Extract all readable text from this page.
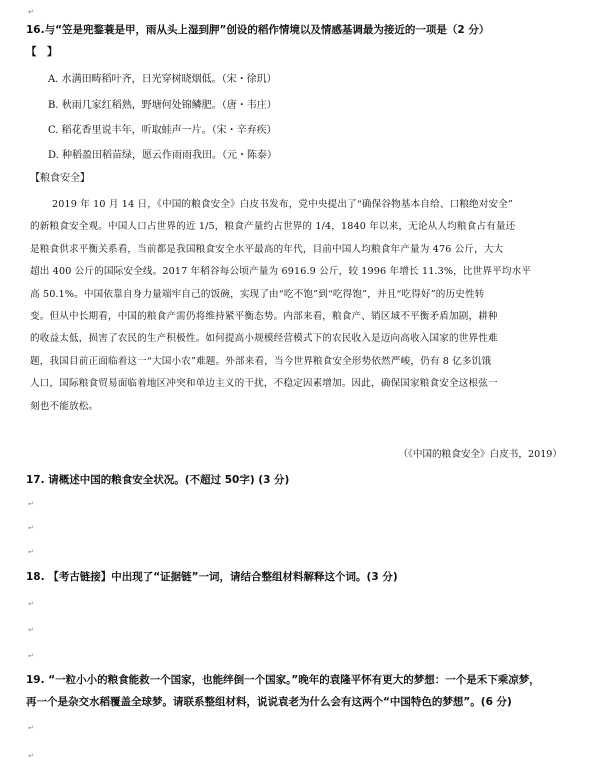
↵
16.与“笠是兜鍪蓑是甲，雨从头上湿到胛”创设的稻作情境以及情感基调最为接近的一项是（2 分）
【　】
A. 水满田畴稻叶齐，日光穿树晓烟低。（宋・徐玑）
B. 秋雨几家红稻熟，野塘何处锦鳞肥。（唐・韦庄）
C. 稻花香里说丰年，听取蛙声一片。（宋・辛弃疾）
D. 种稻盈田稻苗绿，愿云作雨雨我田。（元・陈泰）
【粮食安全】
2019 年 10 月 14 日，《中国的粮食安全》白皮书发布，党中央提出了“确保谷物基本自给、口粮绝对安全”
的新粮食安全观。中国人口占世界的近 1/5，粮食产量约占世界的 1/4，1840 年以来，无论从人均粮食占有量还
是粮食供求平衡关系看，当前都是我国粮食安全水平最高的年代，目前中国人均粮食年产量为 476 公斤，大大
超出 400 公斤的国际安全线。2017 年稻谷每公顷产量为 6916.9 公斤，较 1996 年增长 11.3%，比世界平均水平
高 50.1%。中国依靠自身力量端牢自己的饭碗，实现了由“吃不饱”到“吃得饱”，并且“吃得好”的历史性转
变。但从中长期看，中国的粮食产需仍将维持紧平衡态势。内部来看，粮食产、销区域不平衡矛盾加剧，耕种
的收益太低，损害了农民的生产积极性。如何提高小规模经营模式下的农民收入是迈向高收入国家的世界性难
题，我国目前正面临着这一“大国小农”难题。外部来看，当今世界粮食安全形势依然严峻，仍有 8 亿多饥饿
人口，国际粮食贸易面临着地区冲突和单边主义的干扰，不稳定因素增加。因此，确保国家粮食安全这根弦一
刻也不能放松。
（《中国的粮食安全》白皮书，2019）
17. 请概述中国的粮食安全状况。(不超过 50字) (3 分)
↵
↵
↵
18. 【考古链接】中出现了“证据链”一词，请结合整组材料解释这个词。(3 分)
↵
↵
↵
19. “一粒小小的粮食能救一个国家，也能绊倒一个国家。”晚年的袁隆平怀有更大的梦想：一个是禾下乘凉梦，
再一个是杂交水稻覆盖全球梦。请联系整组材料，说说袁老为什么会有这两个“中国特色的梦想”。(6 分)
↵
↵
